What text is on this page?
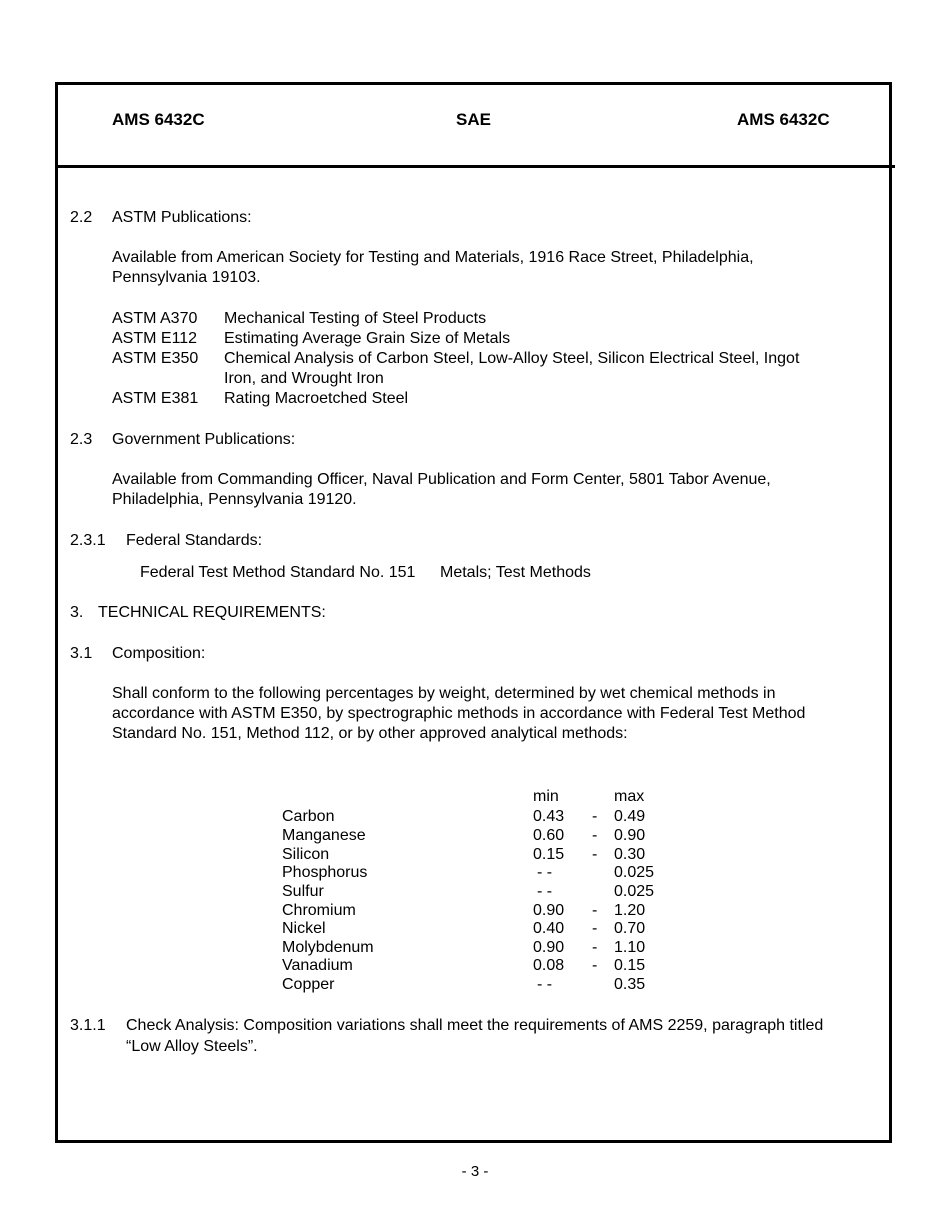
AMS 6432C	SAE	AMS 6432C
2.2 ASTM Publications:
Available from American Society for Testing and Materials, 1916 Race Street, Philadelphia,
Pennsylvania 19103.
ASTM A370 Mechanical Testing of Steel Products
ASTM E112 Estimating Average Grain Size of Metals
ASTM E350 Chemical Analysis of Carbon Steel, Low-Alloy Steel, Silicon Electrical Steel, Ingot
Iron, and Wrought Iron
ASTM E381 Rating Macroetched Steel
2.3 Government Publications:
Available from Commanding Officer, Naval Publication and Form Center, 5801 Tabor Avenue,
Philadelphia, Pennsylvania 19120.
2.3.1 Federal Standards:
Federal Test Method Standard No. 151 Metals; Test Methods
3. TECHNICAL REQUIREMENTS:
3.1 Composition:
Shall conform to the following percentages by weight, determined by wet chemical methods in
accordance with ASTM E350, by spectrographic methods in accordance with Federal Test Method
Standard No. 151, Method 112, or by other approved analytical methods:
min	max
Carbon	0.43 - 0.49
Manganese	0.60 - 0.90
Silicon	0.15 - 0.30
Phosphorus	- -	0.025
Sulfur	- -	0.025
Chromium	0.90 - 1.20
Nickel	0.40 - 0.70
Molybdenum	0.90 - 1.10
Vanadium	0.08 - 0.15
Copper	- -	0.35
3.1.1 Check Analysis: Composition variations shall meet the requirements of AMS 2259, paragraph titled
“Low Alloy Steels”.
- 3 -
